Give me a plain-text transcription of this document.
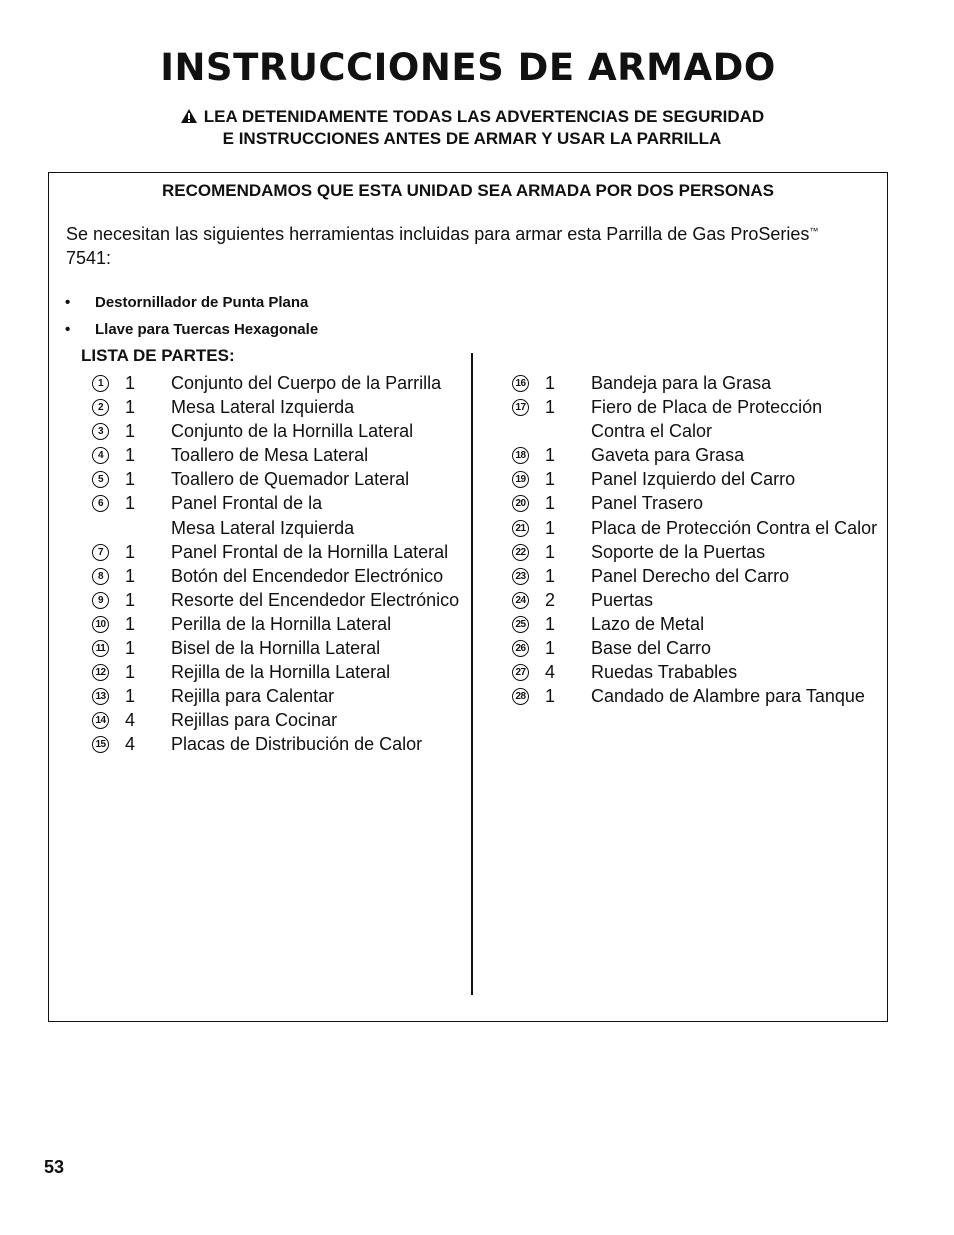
INSTRUCCIONES DE ARMADO
LEA DETENIDAMENTE TODAS LAS ADVERTENCIAS DE SEGURIDAD
E INSTRUCCIONES ANTES DE ARMAR Y USAR LA PARRILLA
RECOMENDAMOS QUE ESTA UNIDAD SEA ARMADA POR DOS PERSONAS
Se necesitan las siguientes herramientas incluidas para armar esta Parrilla de Gas ProSeries™ 7541:
• Destornillador de Punta Plana
• Llave para Tuercas Hexagonale
LISTA DE PARTES:
1	1 Conjunto del Cuerpo de la Parrilla
2	1 Mesa Lateral Izquierda
3	1 Conjunto de la Hornilla Lateral
4	1 Toallero de Mesa Lateral
5	1 Toallero de Quemador Lateral
6	1 Panel Frontal de la
Mesa Lateral Izquierda
7	1 Panel Frontal de la Hornilla Lateral
8	1 Botón del Encendedor Electrónico
9	1 Resorte del Encendedor Electrónico
10 1 Perilla de la Hornilla Lateral
11 1 Bisel de la Hornilla Lateral
12 1 Rejilla de la Hornilla Lateral
13 1 Rejilla para Calentar
14 4 Rejillas para Cocinar
15 4 Placas de Distribución de Calor
16 1 Bandeja para la Grasa
17 1 Fiero de Placa de Protección
Contra el Calor
18 1 Gaveta para Grasa
19 1 Panel Izquierdo del Carro
20 1 Panel Trasero
21 1 Placa de Protección Contra el Calor
22 1 Soporte de la Puertas
23 1 Panel Derecho del Carro
24 2 Puertas
25 1 Lazo de Metal
26 1 Base del Carro
27 4 Ruedas Trabables
28 1 Candado de Alambre para Tanque
53
